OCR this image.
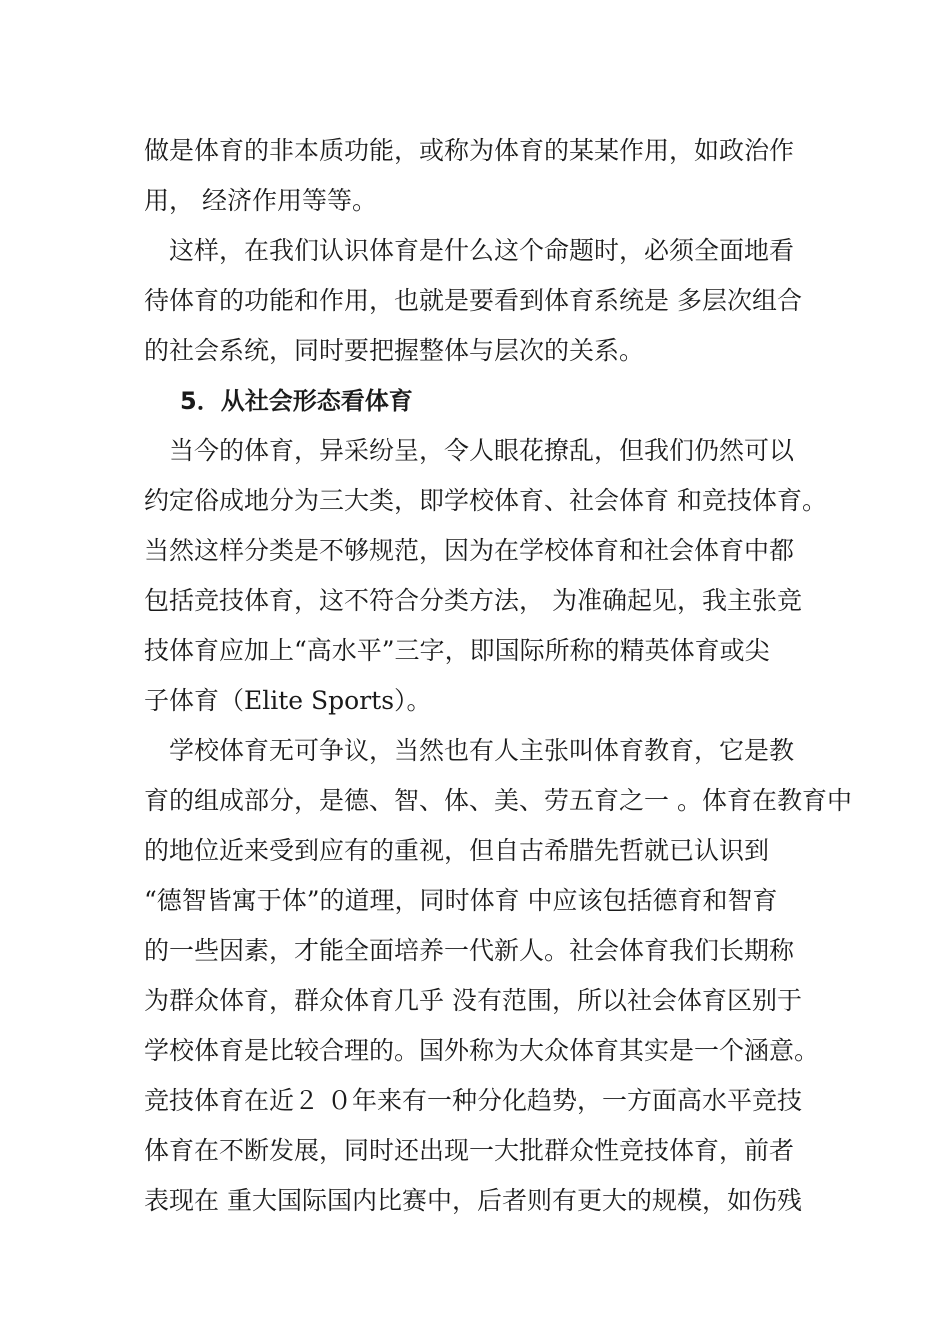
做是体育的非本质功能，或称为体育的某某作用，如政治作
用， 经济作用等等。
　这样，在我们认识体育是什么这个命题时，必须全面地看
待体育的功能和作用，也就是要看到体育系统是 多层次组合
的社会系统，同时要把握整体与层次的关系。
5．从社会形态看体育
　当今的体育，异采纷呈，令人眼花撩乱，但我们仍然可以
约定俗成地分为三大类，即学校体育、社会体育 和竞技体育。
当然这样分类是不够规范，因为在学校体育和社会体育中都
包括竞技体育，这不符合分类方法， 为准确起见，我主张竞
技体育应加上“高水平”三字，即国际所称的精英体育或尖
子体育（Elite Sports）。
　学校体育无可争议，当然也有人主张叫体育教育，它是教
育的组成部分，是德、智、体、美、劳五育之一 。体育在教育中
的地位近来受到应有的重视，但自古希腊先哲就已认识到
“德智皆寓于体”的道理，同时体育 中应该包括德育和智育
的一些因素，才能全面培养一代新人。社会体育我们长期称
为群众体育，群众体育几乎 没有范围，所以社会体育区别于
学校体育是比较合理的。国外称为大众体育其实是一个涵意。
竞技体育在近２ ０年来有一种分化趋势，一方面高水平竞技
体育在不断发展，同时还出现一大批群众性竞技体育，前者
表现在 重大国际国内比赛中，后者则有更大的规模，如伤残
